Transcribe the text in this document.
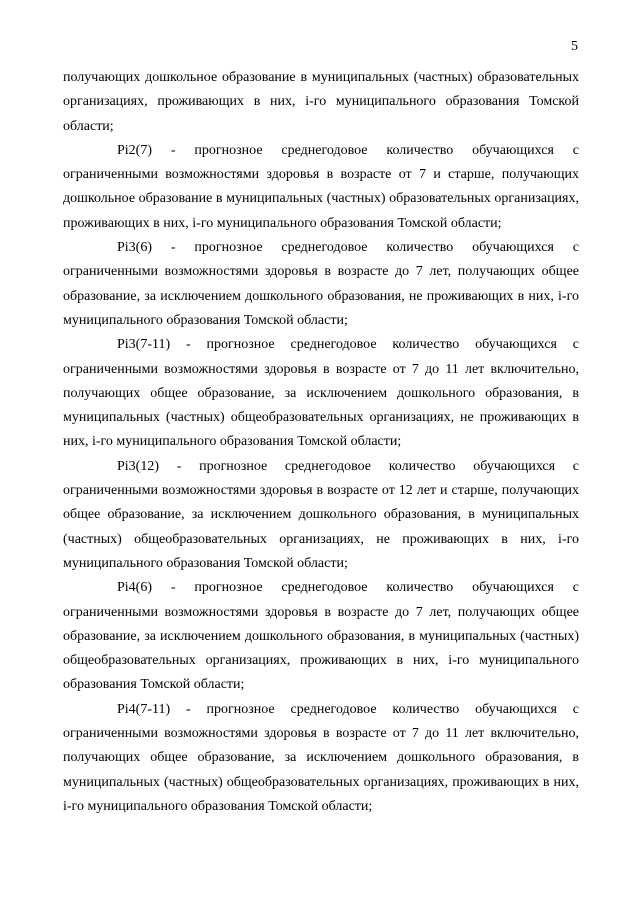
5

получающих дошкольное образование в муниципальных (частных) образовательных организациях, проживающих в них, i-го муниципального образования Томской области;

Pi2(7) - прогнозное среднегодовое количество обучающихся с ограниченными возможностями здоровья в возрасте от 7 и старше, получающих дошкольное образование в муниципальных (частных) образовательных организациях, проживающих в них, i-го муниципального образования Томской области;

Pi3(6) - прогнозное среднегодовое количество обучающихся с ограниченными возможностями здоровья в возрасте до 7 лет, получающих общее образование, за исключением дошкольного образования, не проживающих в них, i-го муниципального образования Томской области;

Pi3(7-11) - прогнозное среднегодовое количество обучающихся с ограниченными возможностями здоровья в возрасте от 7 до 11 лет включительно, получающих общее образование, за исключением дошкольного образования, в муниципальных (частных) общеобразовательных организациях, не проживающих в них, i-го муниципального образования Томской области;

Pi3(12) - прогнозное среднегодовое количество обучающихся с ограниченными возможностями здоровья в возрасте от 12 лет и старше, получающих общее образование, за исключением дошкольного образования, в муниципальных (частных) общеобразовательных организациях, не проживающих в них, i-го муниципального образования Томской области;

Pi4(6) - прогнозное среднегодовое количество обучающихся с ограниченными возможностями здоровья в возрасте до 7 лет, получающих общее образование, за исключением дошкольного образования, в муниципальных (частных) общеобразовательных организациях, проживающих в них, i-го муниципального образования Томской области;

Pi4(7-11) - прогнозное среднегодовое количество обучающихся с ограниченными возможностями здоровья в возрасте от 7 до 11 лет включительно, получающих общее образование, за исключением дошкольного образования, в муниципальных (частных) общеобразовательных организациях, проживающих в них, i-го муниципального образования Томской области;
